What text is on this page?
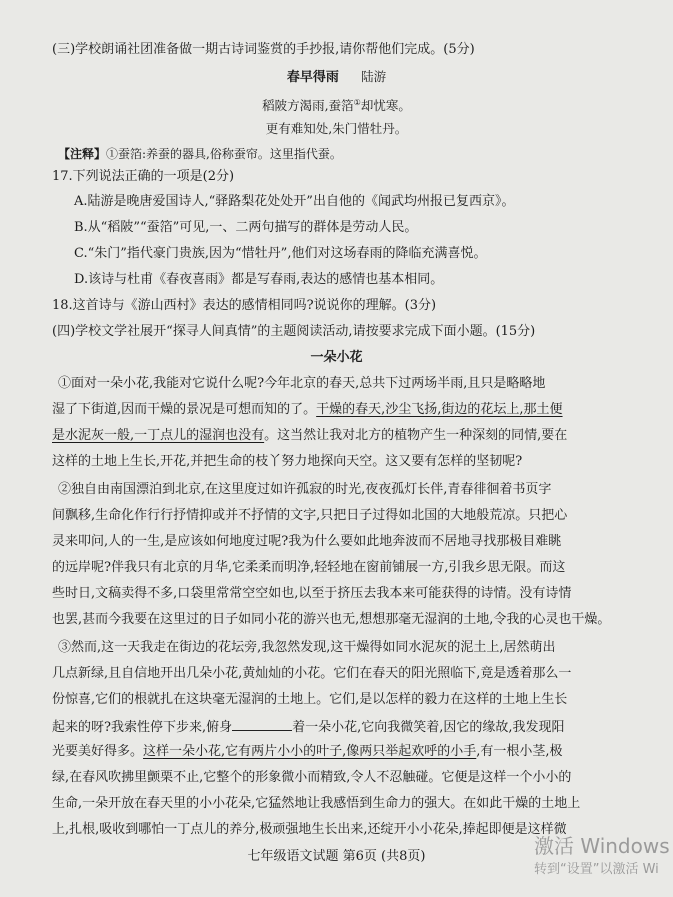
(三)学校朗诵社团准备做一期古诗词鉴赏的手抄报,请你帮他们完成。(5分)
春早得雨 陆游
稻陂方渴雨,蚕箔①却忧寒。
更有难知处,朱门惜牡丹。
【注释】①蚕箔:养蚕的器具,俗称蚕帘。这里指代蚕。
17.下列说法正确的一项是(2分)
A.陆游是晚唐爱国诗人,“驿路梨花处处开”出自他的《闻武均州报已复西京》。
B.从“稻陂”“蚕箔”可见,一、二两句描写的群体是劳动人民。
C.“朱门”指代豪门贵族,因为“惜牡丹”,他们对这场春雨的降临充满喜悦。
D.该诗与杜甫《春夜喜雨》都是写春雨,表达的感情也基本相同。
18.这首诗与《游山西村》表达的感情相同吗?说说你的理解。(3分)
(四)学校文学社展开“探寻人间真情”的主题阅读活动,请按要求完成下面小题。(15分)
一朵小花
①面对一朵小花,我能对它说什么呢?今年北京的春天,总共下过两场半雨,且只是略略地
湿了下街道,因而干燥的景况是可想而知的了。干燥的春天,沙尘飞扬,街边的花坛上,那土便
是水泥灰一般,一丁点儿的湿润也没有。这当然让我对北方的植物产生一种深刻的同情,要在
这样的土地上生长,开花,并把生命的枝丫努力地探向天空。这又要有怎样的坚韧呢?
②独自由南国漂泊到北京,在这里度过如许孤寂的时光,夜夜孤灯长伴,青春徘徊着书页字
间飘移,生命化作行行抒情抑或并不抒情的文字,只把日子过得如北国的大地般荒凉。只把心
灵来叩问,人的一生,是应该如何地度过呢?我为什么要如此地奔波而不居地寻找那极目难眺
的远岸呢?伴我只有北京的月华,它柔柔而明净,轻轻地在窗前铺展一方,引我乡思无限。而这
些时日,文稿卖得不多,口袋里常常空空如也,以至于挤压去我本来可能获得的诗情。没有诗情
也罢,甚而今我要在这里过的日子如同小花的游兴也无,想想那毫无湿润的土地,令我的心灵也干燥。
③然而,这一天我走在街边的花坛旁,我忽然发现,这干燥得如同水泥灰的泥土上,居然萌出
几点新绿,且自信地开出几朵小花,黄灿灿的小花。它们在春天的阳光照临下,竟是透着那么一
份惊喜,它们的根就扎在这块毫无湿润的土地上。它们,是以怎样的毅力在这样的土地上生长
起来的呀?我索性停下步来,俯身	着一朵小花,它向我微笑着,因它的缘故,我发现阳
光要美好得多。这样一朵小花,它有两片小小的叶子,像两只举起欢呼的小手,有一根小茎,极
绿,在春风吹拂里颤栗不止,它整个的形象微小而精致,令人不忍触碰。它便是这样一个小小的
生命,一朵开放在春天里的小小花朵,它猛然地让我感悟到生命力的强大。在如此干燥的土地上
上,扎根,吸收到哪怕一丁点儿的养分,极顽强地生长出来,还绽开小小花朵,捧起即便是这样微
七年级语文试题 第6页 (共8页)	激活 Windows
转到“设置”以激活 Wi
